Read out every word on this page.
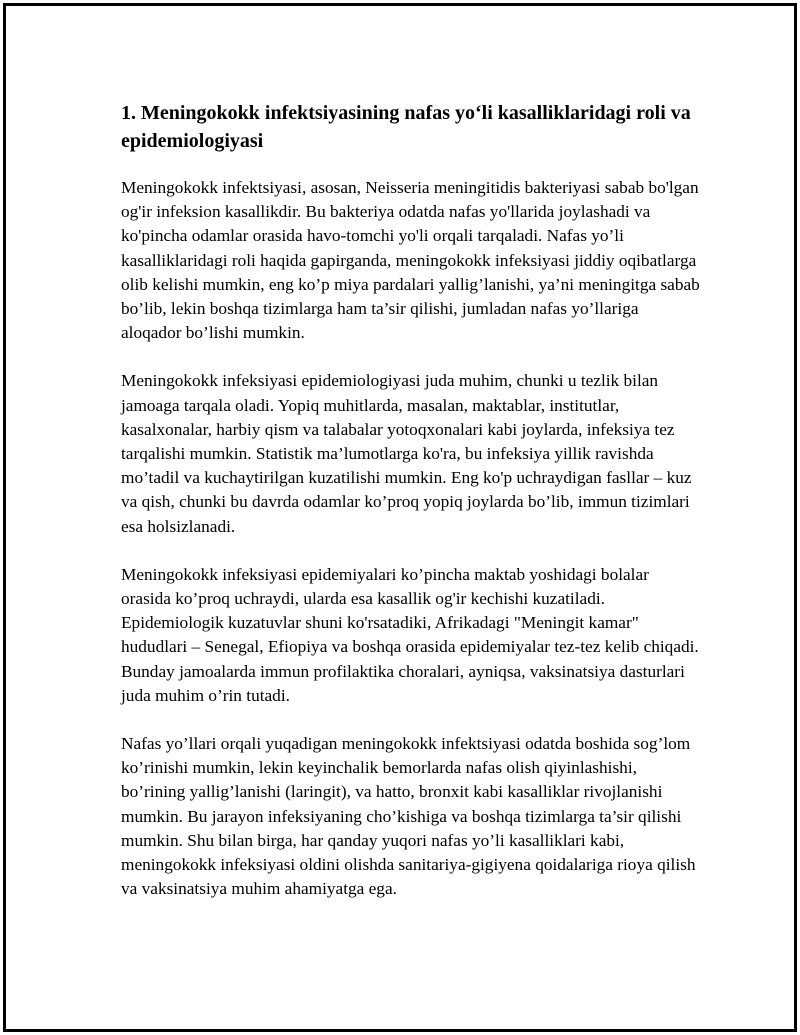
1. Meningokokk infektsiyasining nafas yo‘li kasalliklaridagi roli va epidemiologiyasi

Meningokokk infektsiyasi, asosan, Neisseria meningitidis bakteriyasi sabab bo'lgan og'ir infeksion kasallikdir. Bu bakteriya odatda nafas yo'llarida joylashadi va ko'pincha odamlar orasida havo-tomchi yo'li orqali tarqaladi. Nafas yo’li kasalliklaridagi roli haqida gapirganda, meningokokk infeksiyasi jiddiy oqibatlarga olib kelishi mumkin, eng ko’p miya pardalari yallig’lanishi, ya’ni meningitga sabab bo’lib, lekin boshqa tizimlarga ham ta’sir qilishi, jumladan nafas yo’llariga aloqador bo’lishi mumkin.

Meningokokk infeksiyasi epidemiologiyasi juda muhim, chunki u tezlik bilan jamoaga tarqala oladi. Yopiq muhitlarda, masalan, maktablar, institutlar, kasalxonalar, harbiy qism va talabalar yotoqxonalari kabi joylarda, infeksiya tez tarqalishi mumkin. Statistik ma’lumotlarga ko'ra, bu infeksiya yillik ravishda mo’tadil va kuchaytirilgan kuzatilishi mumkin. Eng ko'p uchraydigan fasllar – kuz va qish, chunki bu davrda odamlar ko’proq yopiq joylarda bo’lib, immun tizimlari esa holsizlanadi.

Meningokokk infeksiyasi epidemiyalari ko’pincha maktab yoshidagi bolalar orasida ko’proq uchraydi, ularda esa kasallik og'ir kechishi kuzatiladi. Epidemiologik kuzatuvlar shuni ko'rsatadiki, Afrikadagi "Meningit kamar" hududlari – Senegal, Efiopiya va boshqa orasida epidemiyalar tez-tez kelib chiqadi. Bunday jamoalarda immun profilaktika choralari, ayniqsa, vaksinatsiya dasturlari juda muhim o’rin tutadi.

Nafas yo’llari orqali yuqadigan meningokokk infektsiyasi odatda boshida sog’lom ko’rinishi mumkin, lekin keyinchalik bemorlarda nafas olish qiyinlashishi, bo’rining yallig’lanishi (laringit), va hatto, bronxit kabi kasalliklar rivojlanishi mumkin. Bu jarayon infeksiyaning cho’kishiga va boshqa tizimlarga ta’sir qilishi mumkin. Shu bilan birga, har qanday yuqori nafas yo’li kasalliklari kabi, meningokokk infeksiyasi oldini olishda sanitariya-gigiyena qoidalariga rioya qilish va vaksinatsiya muhim ahamiyatga ega.
